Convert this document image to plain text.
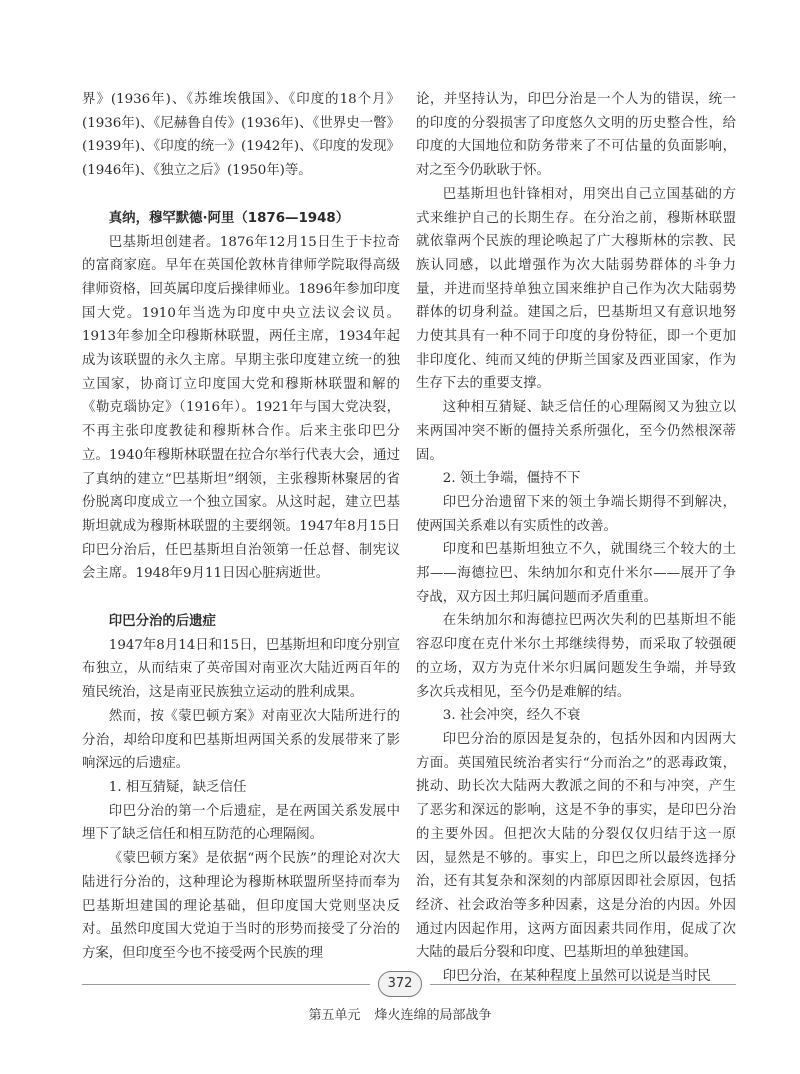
界》(1936年)、《苏维埃俄国》、《印度的18个月》(1936年)、《尼赫鲁自传》(1936年)、《世界史一瞥》(1939年)、《印度的统一》(1942年)、《印度的发现》(1946年)、《独立之后》(1950年)等。

真纳，穆罕默德·阿里（1876—1948）

巴基斯坦创建者。1876年12月15日生于卡拉奇的富商家庭。早年在英国伦敦林肯律师学院取得高级律师资格，回英属印度后操律师业。1896年参加印度国大党。1910年当选为印度中央立法议会议员。1913年参加全印穆斯林联盟，两任主席，1934年起成为该联盟的永久主席。早期主张印度建立统一的独立国家，协商订立印度国大党和穆斯林联盟和解的《勒克瑙协定》（1916年）。1921年与国大党决裂，不再主张印度教徒和穆斯林合作。后来主张印巴分立。1940年穆斯林联盟在拉合尔举行代表大会，通过了真纳的建立“巴基斯坦”纲领，主张穆斯林聚居的省份脱离印度成立一个独立国家。从这时起，建立巴基斯坦就成为穆斯林联盟的主要纲领。1947年8月15日印巴分治后，任巴基斯坦自治领第一任总督、制宪议会主席。1948年9月11日因心脏病逝世。

印巴分治的后遗症

1947年8月14日和15日，巴基斯坦和印度分别宣布独立，从而结束了英帝国对南亚次大陆近两百年的殖民统治，这是南亚民族独立运动的胜利成果。

然而，按《蒙巴顿方案》对南亚次大陆所进行的分治，却给印度和巴基斯坦两国关系的发展带来了影响深远的后遗症。

1. 相互猜疑，缺乏信任

印巴分治的第一个后遗症，是在两国关系发展中埋下了缺乏信任和相互防范的心理隔阂。

《蒙巴顿方案》是依据“两个民族”的理论对次大陆进行分治的，这种理论为穆斯林联盟所坚持而奉为巴基斯坦建国的理论基础，但印度国大党则坚决反对。虽然印度国大党迫于当时的形势而接受了分治的方案，但印度至今也不接受两个民族的理

论，并坚持认为，印巴分治是一个人为的错误，统一的印度的分裂损害了印度悠久文明的历史整合性，给印度的大国地位和防务带来了不可估量的负面影响，对之至今仍耿耿于怀。

巴基斯坦也针锋相对，用突出自己立国基础的方式来维护自己的长期生存。在分治之前，穆斯林联盟就依靠两个民族的理论唤起了广大穆斯林的宗教、民族认同感，以此增强作为次大陆弱势群体的斗争力量，并进而坚持单独立国来维护自己作为次大陆弱势群体的切身利益。建国之后，巴基斯坦又有意识地努力使其具有一种不同于印度的身份特征，即一个更加非印度化、纯而又纯的伊斯兰国家及西亚国家，作为生存下去的重要支撑。

这种相互猜疑、缺乏信任的心理隔阂又为独立以来两国冲突不断的僵持关系所强化，至今仍然根深蒂固。

2. 领土争端，僵持不下

印巴分治遗留下来的领土争端长期得不到解决，使两国关系难以有实质性的改善。

印度和巴基斯坦独立不久，就围绕三个较大的土邦——海德拉巴、朱纳加尔和克什米尔——展开了争夺战，双方因土邦归属问题而矛盾重重。

在朱纳加尔和海德拉巴两次失利的巴基斯坦不能容忍印度在克什米尔土邦继续得势，而采取了较强硬的立场，双方为克什米尔归属问题发生争端，并导致多次兵戎相见，至今仍是难解的结。

3. 社会冲突，经久不衰

印巴分治的原因是复杂的，包括外因和内因两大方面。英国殖民统治者实行“分而治之”的恶毒政策，挑动、助长次大陆两大教派之间的不和与冲突，产生了恶劣和深远的影响，这是不争的事实，是印巴分治的主要外因。但把次大陆的分裂仅仅归结于这一原因，显然是不够的。事实上，印巴之所以最终选择分治，还有其复杂和深刻的内部原因即社会原因，包括经济、社会政治等多种因素，这是分治的内因。外因通过内因起作用，这两方面因素共同作用，促成了次大陆的最后分裂和印度、巴基斯坦的单独建国。

印巴分治，在某种程度上虽然可以说是当时民

372
第五单元 烽火连绵的局部战争
